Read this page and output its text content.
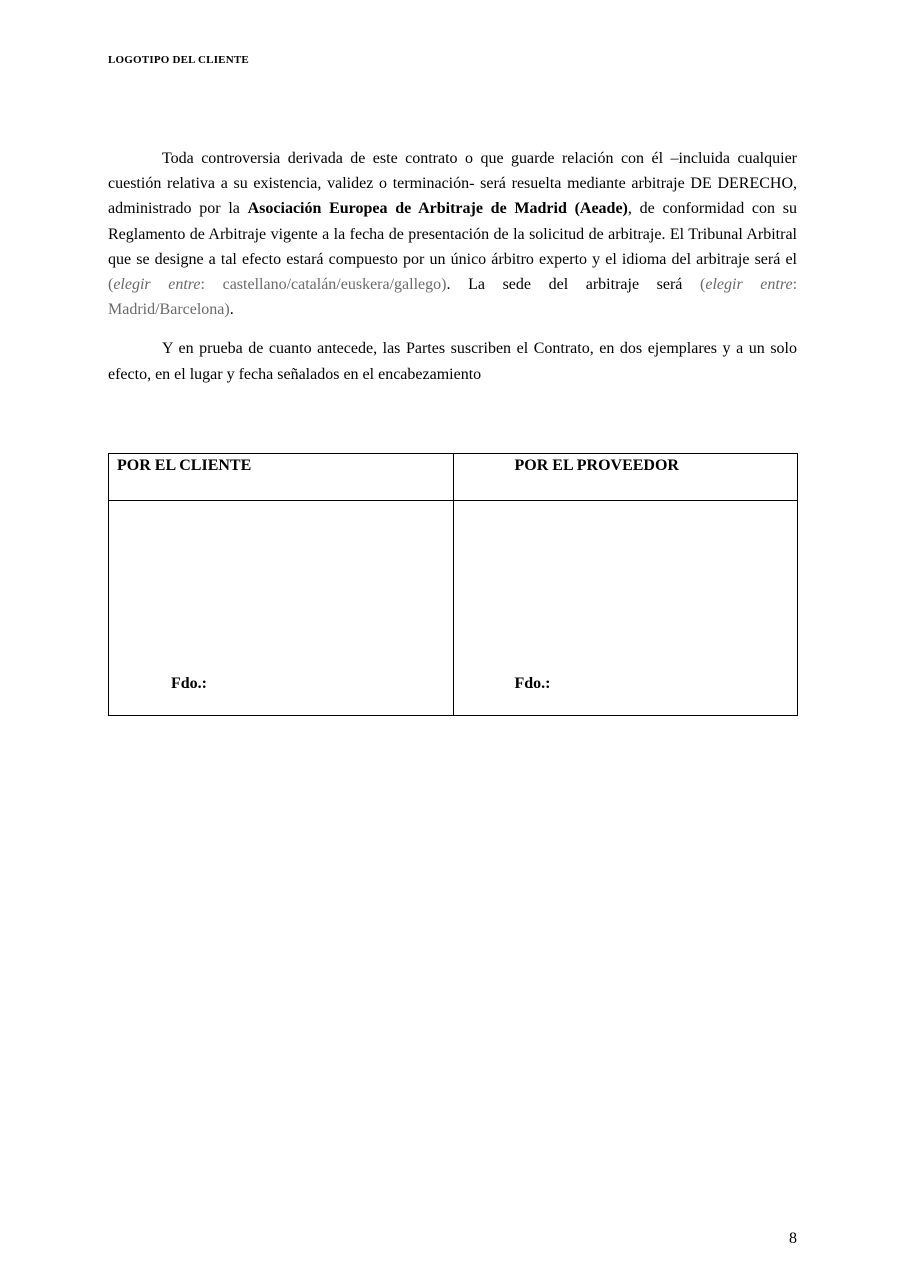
LOGOTIPO DEL CLIENTE

Toda controversia derivada de este contrato o que guarde relación con él –incluida cualquier cuestión relativa a su existencia, validez o terminación- será resuelta mediante arbitraje DE DERECHO, administrado por la Asociación Europea de Arbitraje de Madrid (Aeade), de conformidad con su Reglamento de Arbitraje vigente a la fecha de presentación de la solicitud de arbitraje. El Tribunal Arbitral que se designe a tal efecto estará compuesto por un único árbitro experto y el idioma del arbitraje será el (elegir entre: castellano/catalán/euskera/gallego). La sede del arbitraje será (elegir entre: Madrid/Barcelona).

Y en prueba de cuanto antecede, las Partes suscriben el Contrato, en dos ejemplares y a un solo efecto, en el lugar y fecha señalados en el encabezamiento

POR EL CLIENTE	POR EL PROVEEDOR

Fdo.:	Fdo.:
8
